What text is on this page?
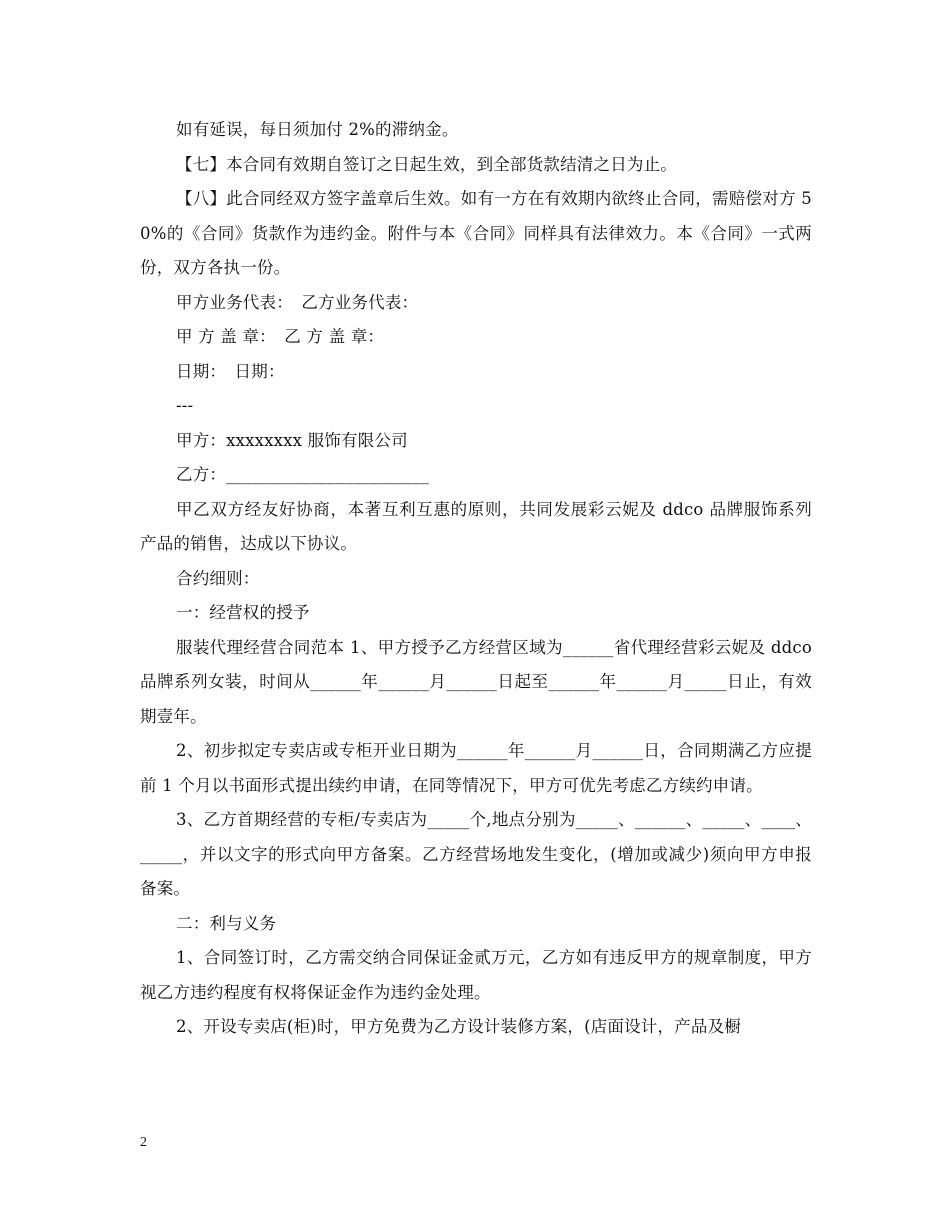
如有延误，每日须加付 2%的滞纳金。

【七】本合同有效期自签订之日起生效，到全部货款结清之日为止。

【八】此合同经双方签字盖章后生效。如有一方在有效期内欲终止合同，需赔偿对方 50%的《合同》货款作为违约金。附件与本《合同》同样具有法律效力。本《合同》一式两份，双方各执一份。

甲方业务代表：　乙方业务代表：

甲 方 盖 章：　乙 方 盖 章：

日期：　日期：

---

甲方：xxxxxxxx 服饰有限公司

乙方：________________________

甲乙双方经友好协商，本著互利互惠的原则，共同发展彩云妮及 ddco 品牌服饰系列产品的销售，达成以下协议。

合约细则：

一：经营权的授予

服装代理经营合同范本 1、甲方授予乙方经营区域为______省代理经营彩云妮及 ddco 品牌系列女装，时间从______年______月______日起至______年______月_____日止，有效期壹年。

2、初步拟定专卖店或专柜开业日期为______年______月______日，合同期满乙方应提前 1 个月以书面形式提出续约申请，在同等情况下，甲方可优先考虑乙方续约申请。

3、乙方首期经营的专柜/专卖店为_____个,地点分别为_____、______、_____、____、_____，并以文字的形式向甲方备案。乙方经营场地发生变化，(增加或减少)须向甲方申报备案。

二：利与义务

1、合同签订时，乙方需交纳合同保证金贰万元，乙方如有违反甲方的规章制度，甲方视乙方违约程度有权将保证金作为违约金处理。

2、开设专卖店(柜)时，甲方免费为乙方设计装修方案，(店面设计，产品及橱

2
